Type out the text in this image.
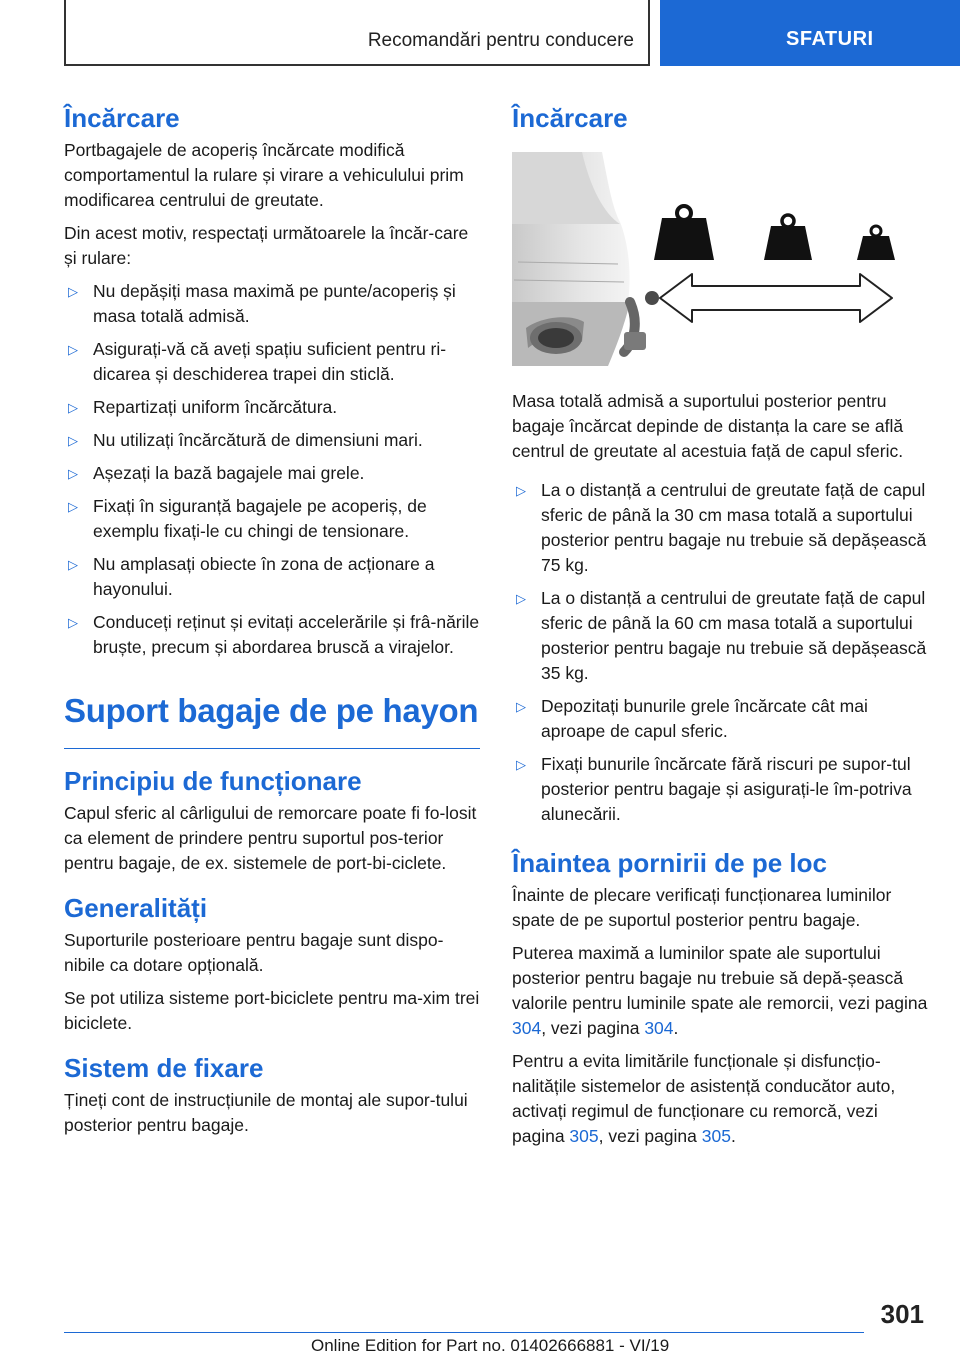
Recomandări pentru conducere	SFATURI
Încărcare

Portbagajele de acoperiș încărcate modifică comportamentul la rulare și virare a vehiculului prim modificarea centrului de greutate.

Din acest motiv, respectați următoarele la încăr‐care și rulare:

▷ Nu depășiți masa maximă pe punte/acoperiș și masa totală admisă.
▷ Asigurați-vă că aveți spațiu suficient pentru ri‐dicarea și deschiderea trapei din sticlă.
▷ Repartizați uniform încărcătura.
▷ Nu utilizați încărcătură de dimensiuni mari.
▷ Așezați la bază bagajele mai grele.
▷ Fixați în siguranță bagajele pe acoperiș, de exemplu fixați-le cu chingi de tensionare.
▷ Nu amplasați obiecte în zona de acționare a hayonului.
▷ Conduceți reținut și evitați accelerările și frâ‐nările bruște, precum și abordarea bruscă a virajelor.
Suport bagaje de pe hayon
Principiu de funcționare

Capul sferic al cârligului de remorcare poate fi fo‐losit ca element de prindere pentru suportul pos‐terior pentru bagaje, de ex. sistemele de port-bi‐ciclete.

Generalități

Suporturile posterioare pentru bagaje sunt dispo‐nibile ca dotare opțională.

Se pot utiliza sisteme port-biciclete pentru ma‐xim trei biciclete.

Sistem de fixare

Țineți cont de instrucțiunile de montaj ale supor‐tului posterior pentru bagaje.

Încărcare

Masa totală admisă a suportului posterior pentru bagaje încărcat depinde de distanța la care se află centrul de greutate al acestuia față de capul sferic.

▷ La o distanță a centrului de greutate față de capul sferic de până la 30 cm masa totală a suportului posterior pentru bagaje nu trebuie să depășească 75 kg.
▷ La o distanță a centrului de greutate față de capul sferic de până la 60 cm masa totală a suportului posterior pentru bagaje nu trebuie să depășească 35 kg.
▷ Depozitați bunurile grele încărcate cât mai aproape de capul sferic.
▷ Fixați bunurile încărcate fără riscuri pe supor‐tul posterior pentru bagaje și asigurați-le îm‐potriva alunecării.
Înaintea pornirii de pe loc

Înainte de plecare verificați funcționarea luminilor spate de pe suportul posterior pentru bagaje.

Puterea maximă a luminilor spate ale suportului posterior pentru bagaje nu trebuie să depă‐șească valorile pentru luminile spate ale remorcii, vezi pagina 304, vezi pagina 304.

Pentru a evita limitările funcționale și disfuncțio‐nalitățile sistemelor de asistență conducător auto, activați regimul de funcționare cu remorcă, vezi pagina 305, vezi pagina 305.

301
Online Edition for Part no. 01402666881 - VI/19
